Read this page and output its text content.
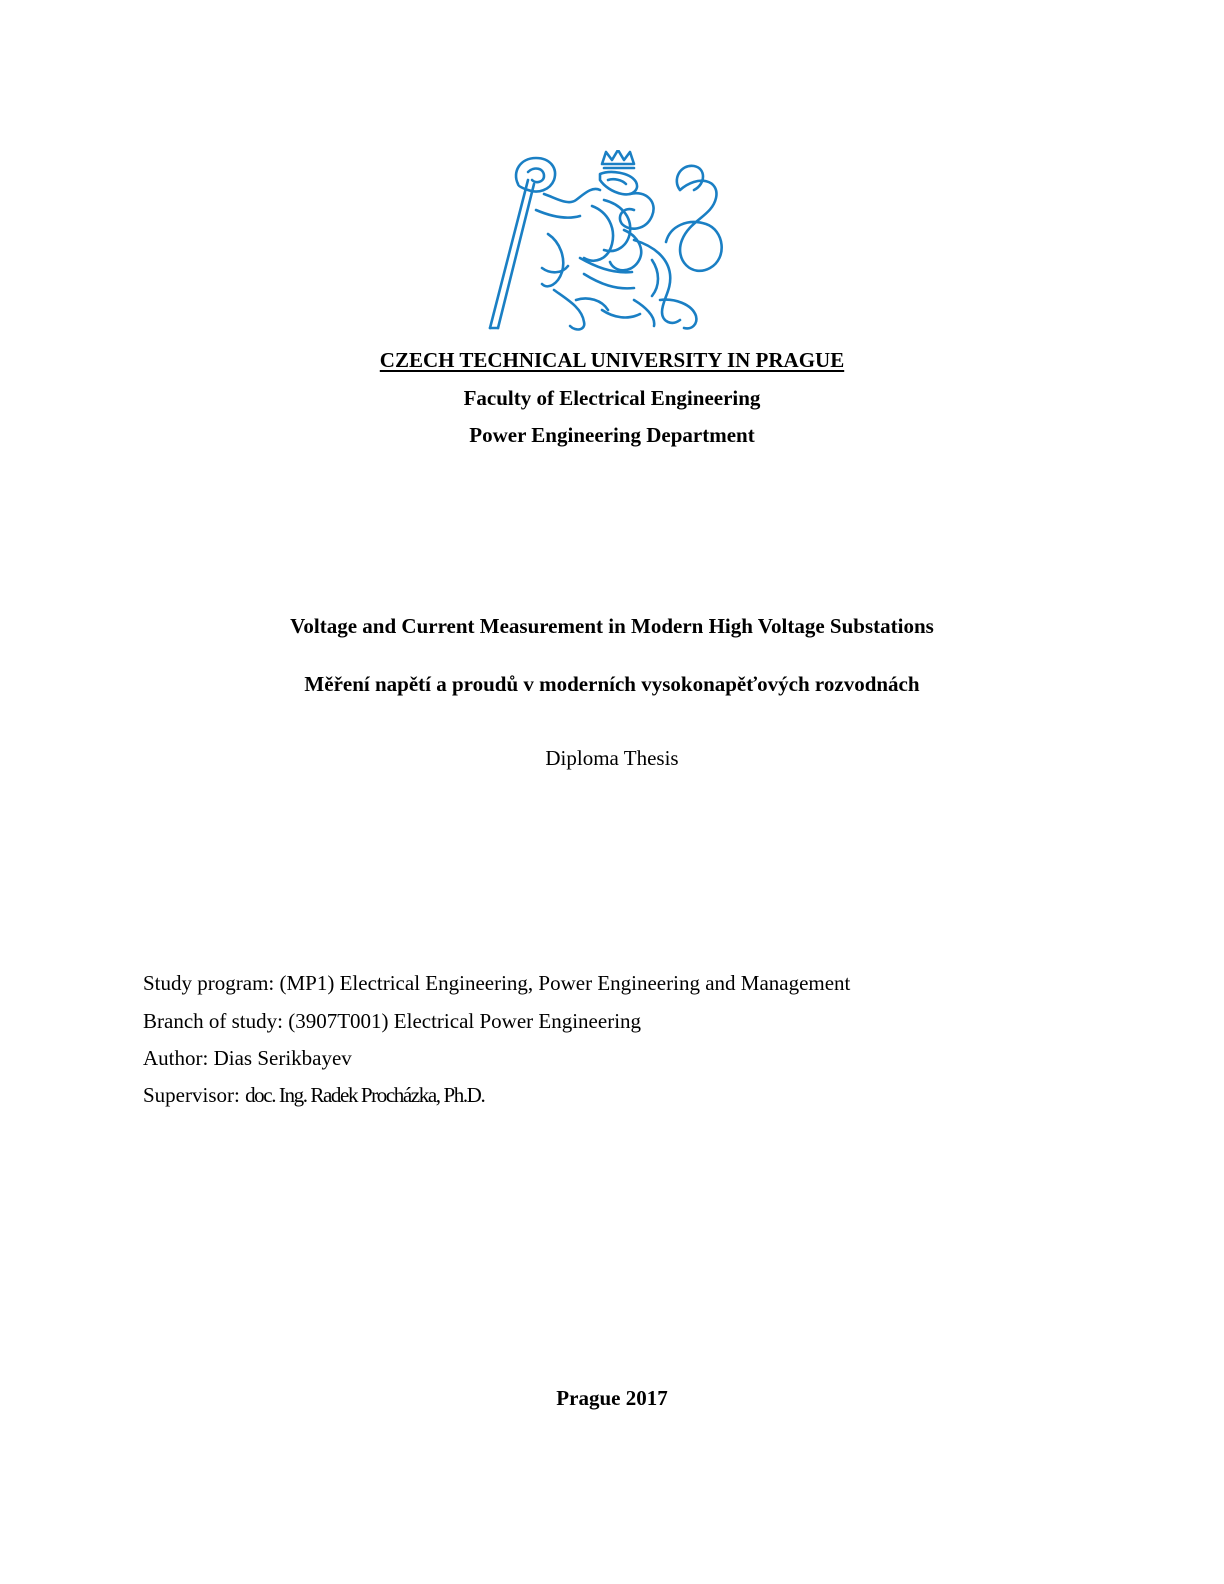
CZECH TECHNICAL UNIVERSITY IN PRAGUE
Faculty of Electrical Engineering
Power Engineering Department
Voltage and Current Measurement in Modern High Voltage Substations
Měření napětí a proudů v moderních vysokonapěťových rozvodnách
Diploma Thesis
Study program: (MP1) Electrical Engineering, Power Engineering and Management
Branch of study: (3907T001) Electrical Power Engineering
Author: Dias Serikbayev
Supervisor: doc. Ing. Radek Procházka, Ph.D.
Prague 2017
